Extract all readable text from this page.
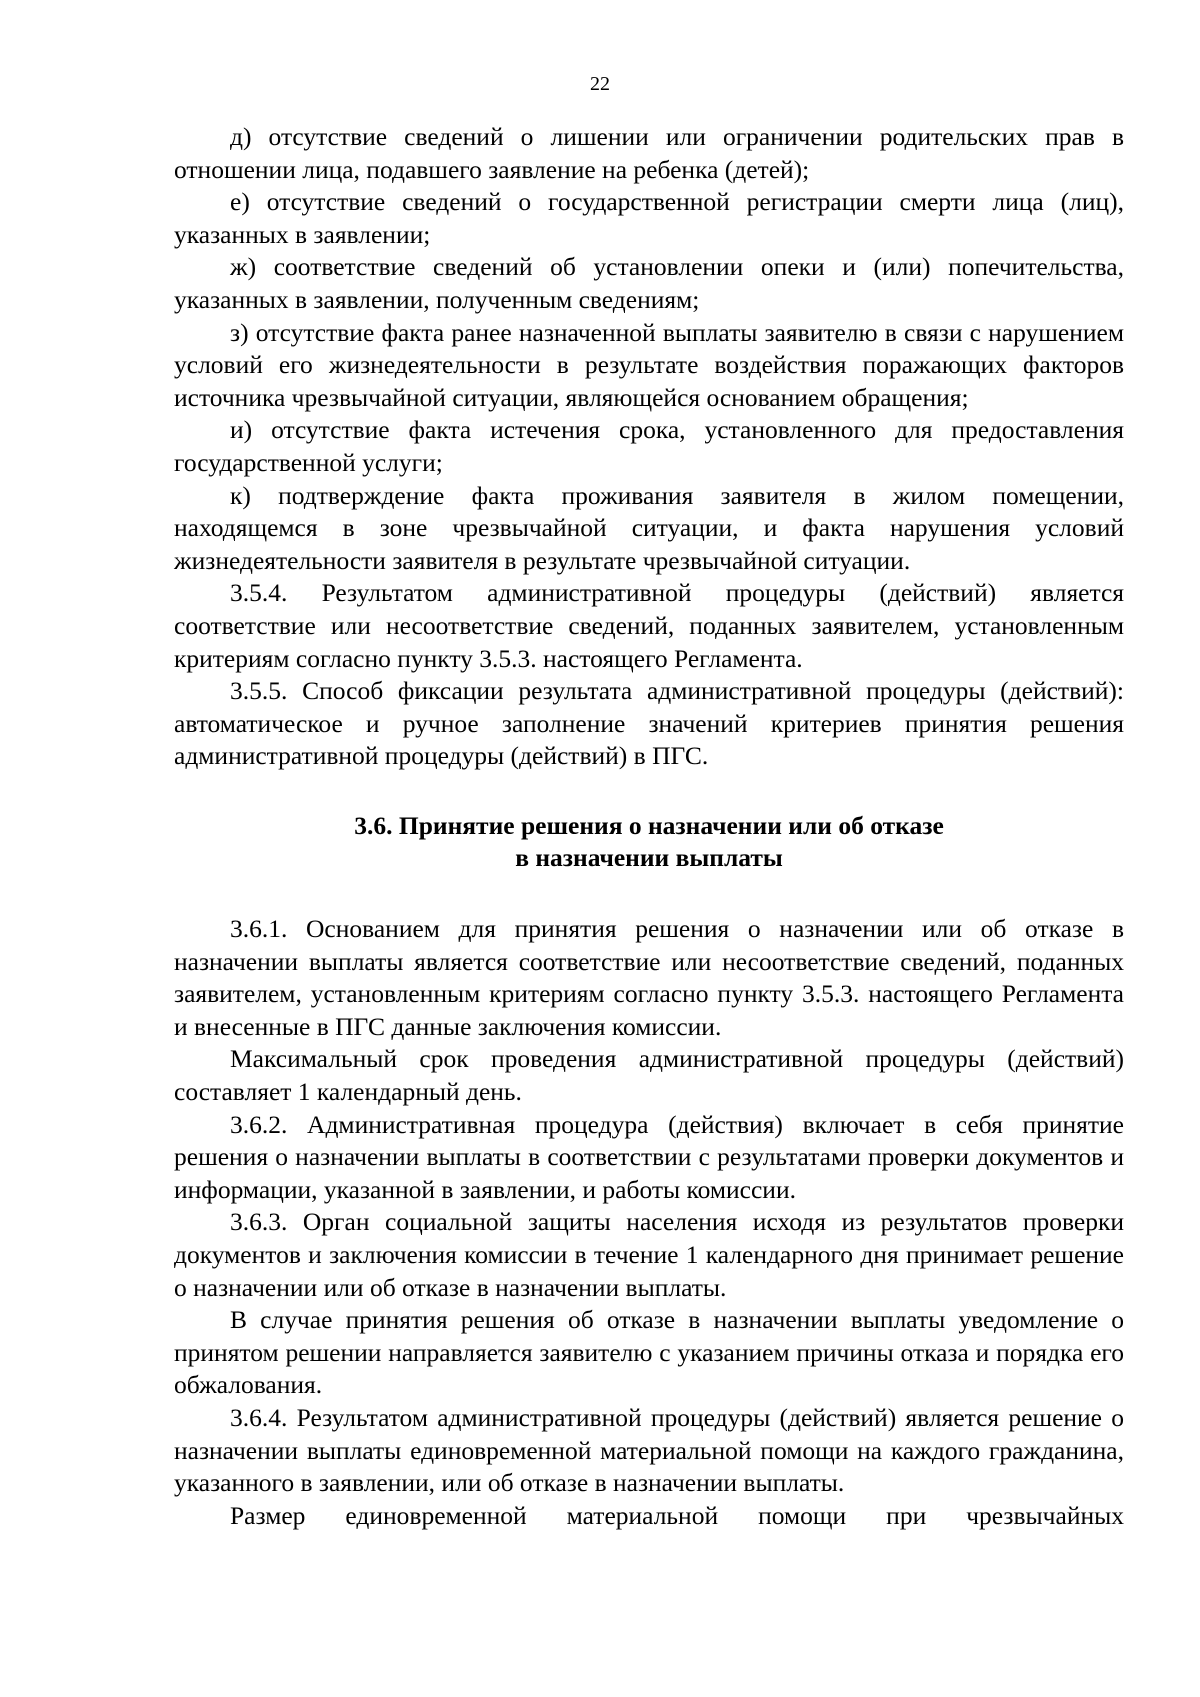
22

д) отсутствие сведений о лишении или ограничении родительских прав в отношении лица, подавшего заявление на ребенка (детей);

е) отсутствие сведений о государственной регистрации смерти лица (лиц), указанных в заявлении;

ж) соответствие сведений об установлении опеки и (или) попечительства, указанных в заявлении, полученным сведениям;

з) отсутствие факта ранее назначенной выплаты заявителю в связи с нарушением условий его жизнедеятельности в результате воздействия поражающих факторов источника чрезвычайной ситуации, являющейся основанием обращения;

и) отсутствие факта истечения срока, установленного для предоставления государственной услуги;

к) подтверждение факта проживания заявителя в жилом помещении, находящемся в зоне чрезвычайной ситуации, и факта нарушения условий жизнедеятельности заявителя в результате чрезвычайной ситуации.

3.5.4. Результатом административной процедуры (действий) является соответствие или несоответствие сведений, поданных заявителем, установленным критериям согласно пункту 3.5.3. настоящего Регламента.

3.5.5. Способ фиксации результата административной процедуры (действий): автоматическое и ручное заполнение значений критериев принятия решения административной процедуры (действий) в ПГС.

3.6. Принятие решения о назначении или об отказе
в назначении выплаты

3.6.1. Основанием для принятия решения о назначении или об отказе в назначении выплаты является соответствие или несоответствие сведений, поданных заявителем, установленным критериям согласно пункту 3.5.3. настоящего Регламента и внесенные в ПГС данные заключения комиссии.

Максимальный срок проведения административной процедуры (действий) составляет 1 календарный день.

3.6.2. Административная процедура (действия) включает в себя принятие решения о назначении выплаты в соответствии с результатами проверки документов и информации, указанной в заявлении, и работы комиссии.

3.6.3. Орган социальной защиты населения исходя из результатов проверки документов и заключения комиссии в течение 1 календарного дня принимает решение о назначении или об отказе в назначении выплаты.

В случае принятия решения об отказе в назначении выплаты уведомление о принятом решении направляется заявителю с указанием причины отказа и порядка его обжалования.

3.6.4. Результатом административной процедуры (действий) является решение о назначении выплаты единовременной материальной помощи на каждого гражданина, указанного в заявлении, или об отказе в назначении выплаты.

Размер единовременной материальной помощи при чрезвычайных
